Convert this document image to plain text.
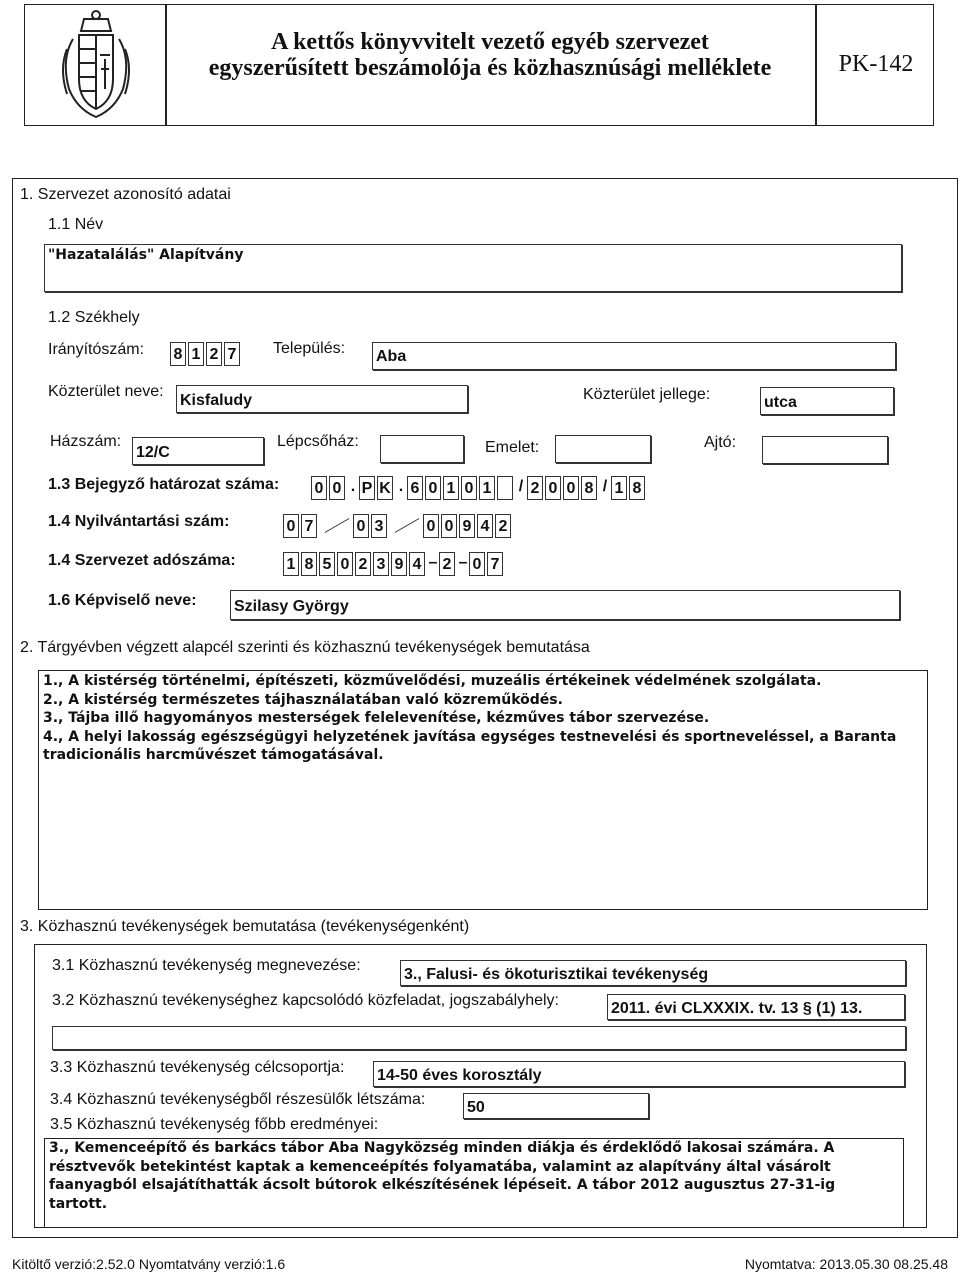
A kettős könyvvitelt vezető egyéb szervezet
egyszerűsített beszámolója és közhasznúsági melléklete	PK-142
1. Szervezet azonosító adatai
1.1 Név
"Hazatalálás" Alapítvány
1.2 Székhely
Irányítószám: 8 1 2 7 Település: Aba
Közterület neve:
Kisfaludy	Közterület jellege:	utca
Házszám:
12/C
Lépcsőház:	Emelet:	Ajtó:
1.3 Bejegyző határozat száma: 0 0 . P K . 6 0 1 0 1 / 2 0 0 8 / 1 8
1.4 Nyilvántartási szám:	0 7	0 3	0 0 9 4 2
1.4 Szervezet adószáma:	1 8 5 0 2 3 9 4 – 2 – 0 7
1.6 Képviselő neve: Szilasy György
2. Tárgyévben végzett alapcél szerinti és közhasznú tevékenységek bemutatása
1., A kistérség történelmi, építészeti, közművelődési, muzeális értékeinek védelmének szolgálata.
2., A kistérség természetes tájhasználatában való közreműködés.
3., Tájba illő hagyományos mesterségek felelevenítése, kézműves tábor szervezése.
4., A helyi lakosság egészségügyi helyzetének javítása egységes testnevelési és sportneveléssel, a Baranta
tradicionális harcművészet támogatásával.
3. Közhasznú tevékenységek bemutatása (tevékenységenként)
3.1 Közhasznú tevékenység megnevezése:
3., Falusi- és ökoturisztikai tevékenység
3.2 Közhasznú tevékenységhez kapcsolódó közfeladat, jogszabályhely:	2011. évi CLXXXIX. tv. 13 § (1) 13.
3.3 Közhasznú tevékenység célcsoportja: 14-50 éves korosztály
3.4 Közhasznú tevékenységből részesülők létszáma:	50
3.5 Közhasznú tevékenység főbb eredményei:
3., Kemenceépítő és barkács tábor Aba Nagyközség minden diákja és érdeklődő lakosai számára. A
résztvevők betekintést kaptak a kemenceépítés folyamatába, valamint az alapítvány által vásárolt
faanyagból elsajátíthatták ácsolt bútorok elkészítésének lépéseit. A tábor 2012 augusztus 27-31-ig
tartott.
Kitöltő verzió:2.52.0 Nyomtatvány verzió:1.6	Nyomtatva: 2013.05.30 08.25.48
